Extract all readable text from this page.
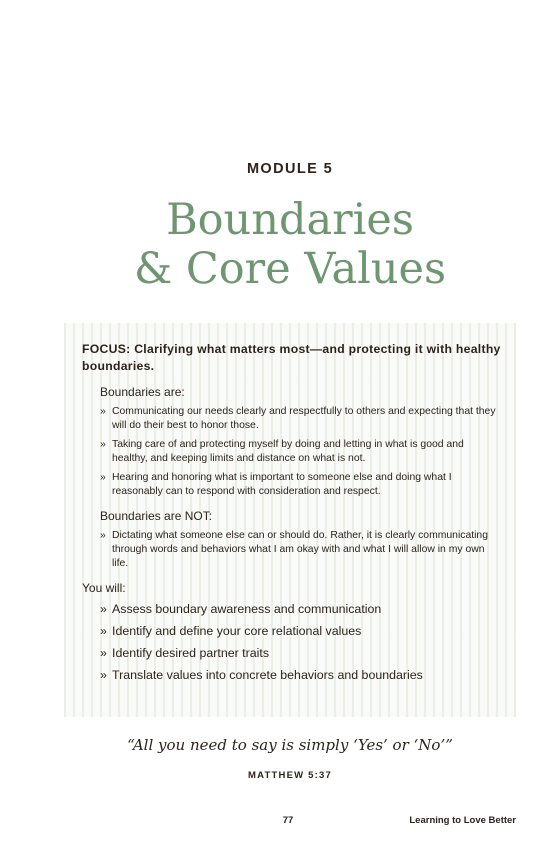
MODULE 5
Boundaries
& Core Values
FOCUS: Clarifying what matters most—and protecting it with healthy boundaries.
Boundaries are:
» Communicating our needs clearly and respectfully to others and expecting that they will do their best to honor those.
» Taking care of and protecting myself by doing and letting in what is good and healthy, and keeping limits and distance on what is not.
» Hearing and honoring what is important to someone else and doing what I reasonably can to respond with consideration and respect.
Boundaries are NOT:
» Dictating what someone else can or should do. Rather, it is clearly communicating through words and behaviors what I am okay with and what I will allow in my own life.
You will:
» Assess boundary awareness and communication
» Identify and define your core relational values
» Identify desired partner traits
» Translate values into concrete behaviors and boundaries
“All you need to say is simply ‘Yes’ or ‘No’”
MATTHEW 5:37
77	Learning to Love Better
